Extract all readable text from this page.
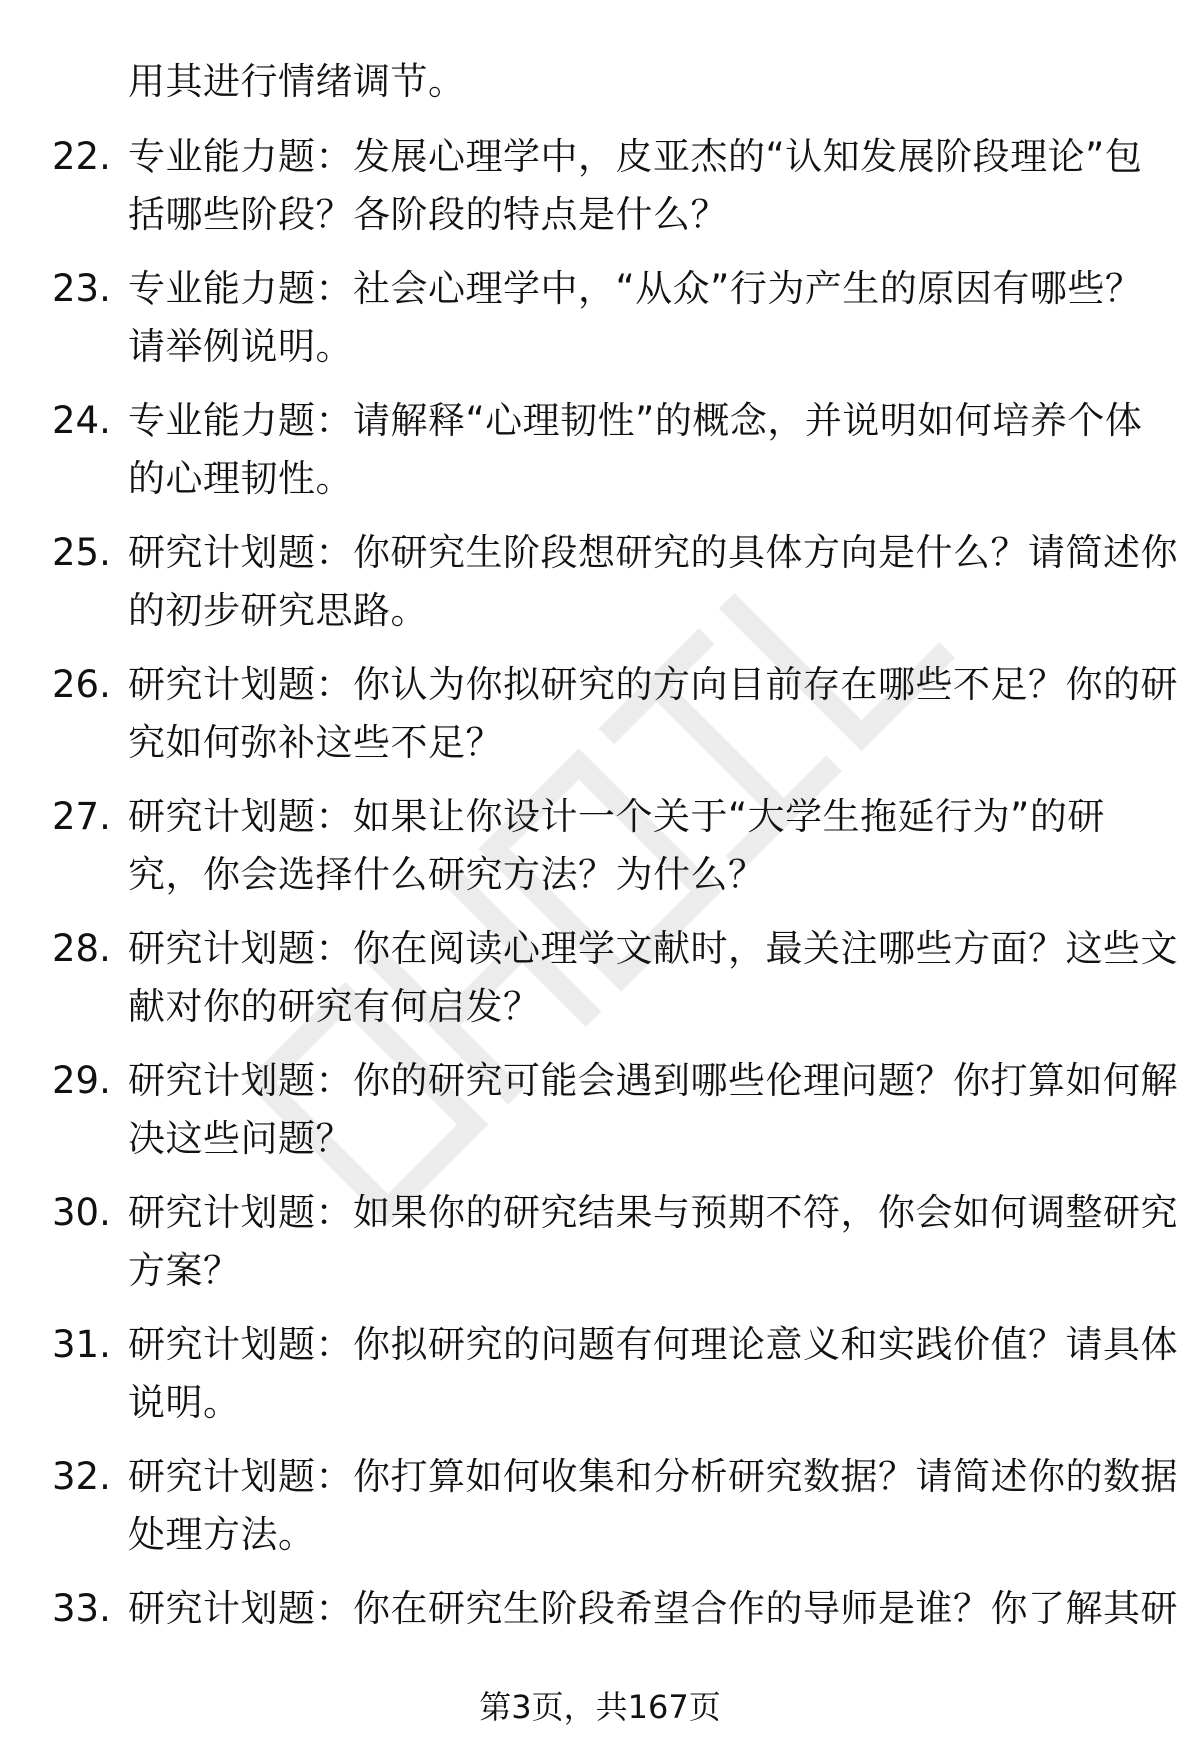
用其进行情绪调节。
22. 专业能力题：发展心理学中，皮亚杰的“认知发展阶段理论”包
括哪些阶段？各阶段的特点是什么？
23. 专业能力题：社会心理学中，“从众”行为产生的原因有哪些？
请举例说明。
24. 专业能力题：请解释“心理韧性”的概念，并说明如何培养个体
的心理韧性。
25. 研究计划题：你研究生阶段想研究的具体方向是什么？请简述你
的初步研究思路。
26. 研究计划题：你认为你拟研究的方向目前存在哪些不足？你的研
究如何弥补这些不足？
27. 研究计划题：如果让你设计一个关于“大学生拖延行为”的研
究，你会选择什么研究方法？为什么？
28. 研究计划题：你在阅读心理学文献时，最关注哪些方面？这些文
献对你的研究有何启发？
29. 研究计划题：你的研究可能会遇到哪些伦理问题？你打算如何解
决这些问题？
30. 研究计划题：如果你的研究结果与预期不符，你会如何调整研究
方案？
31. 研究计划题：你拟研究的问题有何理论意义和实践价值？请具体
说明。
32. 研究计划题：你打算如何收集和分析研究数据？请简述你的数据
处理方法。
33. 研究计划题：你在研究生阶段希望合作的导师是谁？你了解其研
第3页，共167页
